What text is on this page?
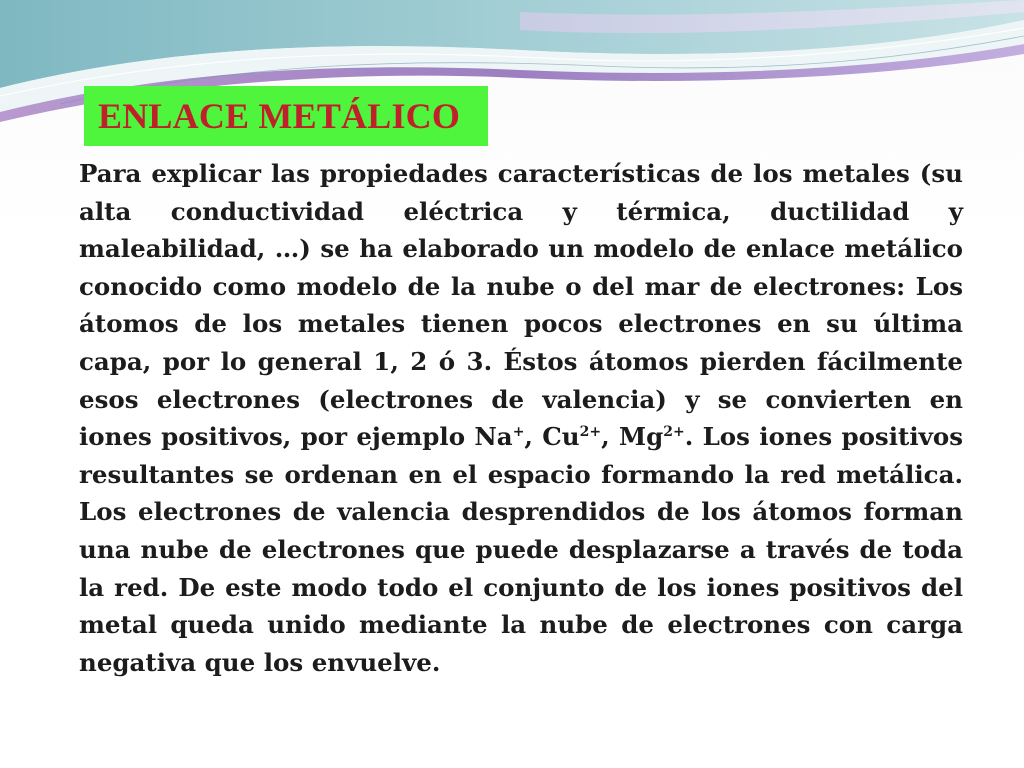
ENLACE METÁLICO

Para explicar las propiedades características de los metales (su alta conductividad eléctrica y térmica, ductilidad y maleabilidad, …) se ha elaborado un modelo de enlace metálico conocido como modelo de la nube o del mar de electrones: Los átomos de los metales tienen pocos electrones en su última capa, por lo general 1, 2 ó 3. Éstos átomos pierden fácilmente esos electrones (electrones de valencia) y se convierten en iones positivos, por ejemplo Na+, $Cu^{2+}$, $Mg^{2+}$. Los iones positivos resultantes se ordenan en el espacio formando la red metálica. Los electrones de valencia desprendidos de los átomos forman una nube de electrones que puede desplazarse a través de toda la red. De este modo todo el conjunto de los iones positivos del metal queda unido mediante la nube de electrones con carga negativa que los envuelve.
